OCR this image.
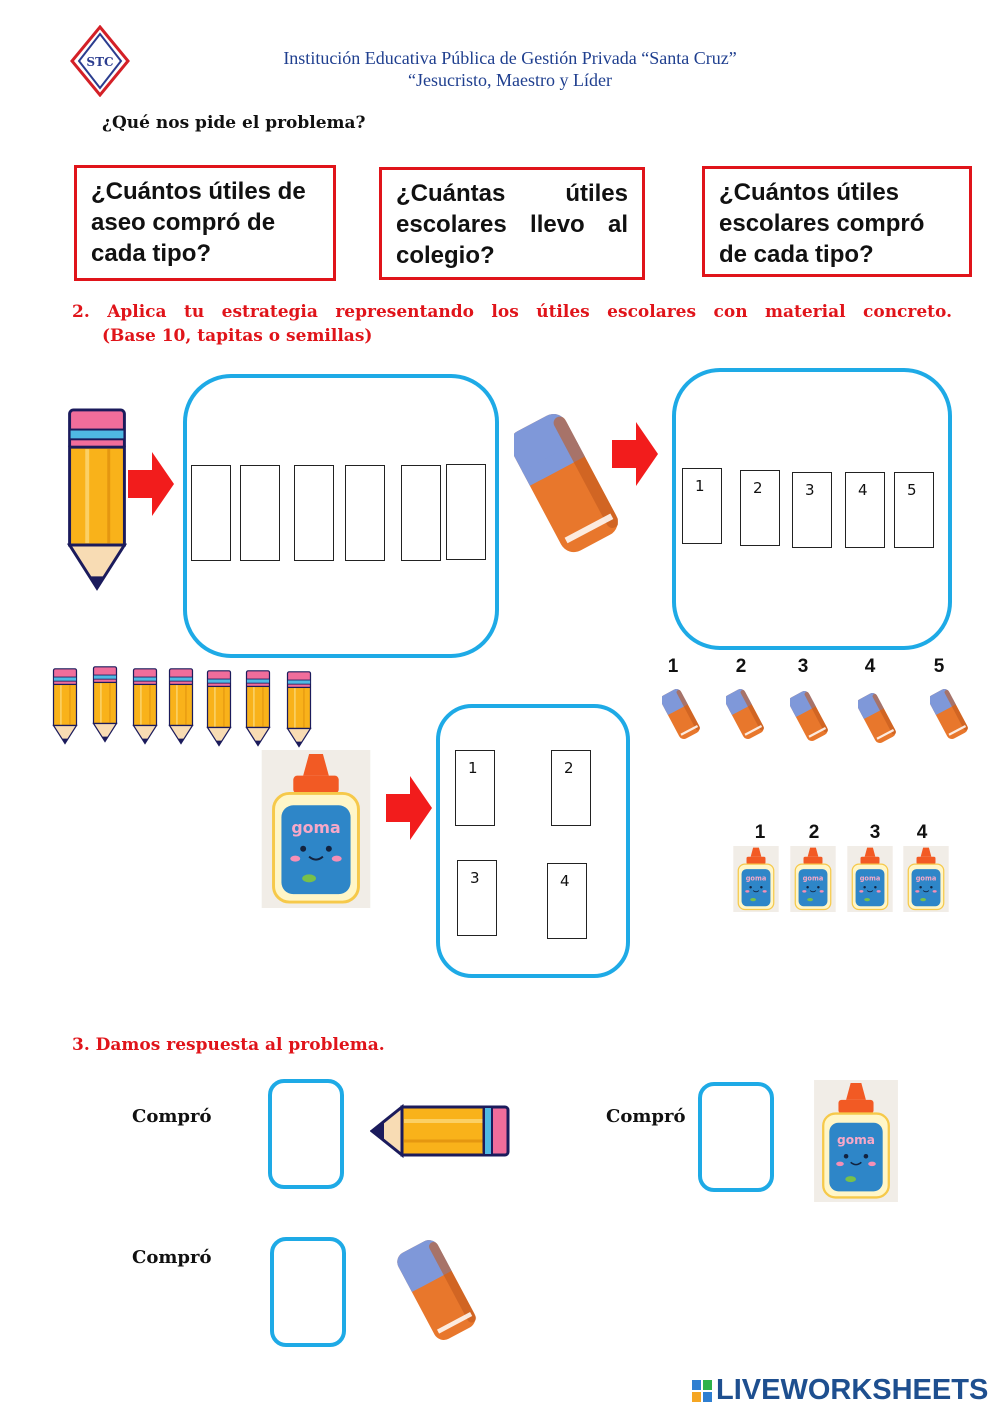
STC	Institución Educativa Pública de Gestión Privada “Santa Cruz”
“Jesucristo, Maestro y Líder
¿Qué nos pide el problema?
¿Cuántos útiles de aseo compró de cada tipo?
¿Cuántas útiles escolares llevo al colegio?
¿Cuántos útiles escolares compró de cada tipo?
2. Aplica tu estrategia representando los útiles escolares con material concreto.
(Base 10, tapitas o semillas)
1	2	3	4	5
1	2	3	4	5
1	2
3	4
1	2	3	4
3. Damos respuesta al problema.
Compró	Compró
Compró
LIVEWORKSHEETS
